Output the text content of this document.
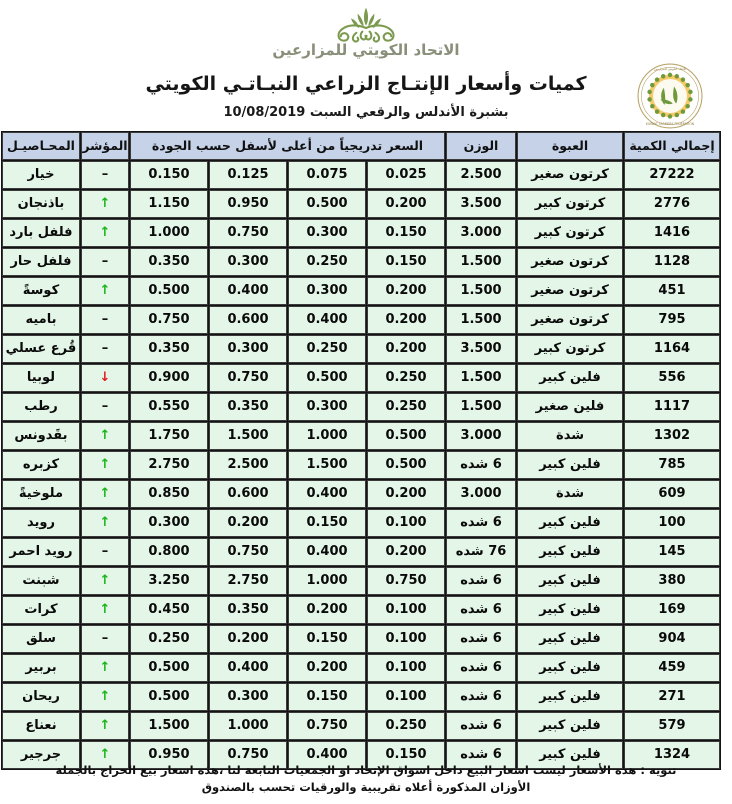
الاتحاد الكويتي للمزارعين
كميات وأسعار الإنتـاج الزراعي النبـاتـي الكويتي
بشبرة الأندلس والرقعي السبت 10/08/2019
الاتحاد الكويتي للمزارعين
KUWAIT FARMERS FEDERATION
إجمالي الكمية	العبوة	الوزن	السعر تدريجياً من أعلى لأسفل حسب الجودة				المؤشر	المحـاصيـل
27222	كرتون صغير	2.500	0.025	0.075	0.125	0.150	–	خيار
2776	كرتون كبير	3.500	0.200	0.500	0.950	1.150	↑	باذنجان
1416	كرتون كبير	3.000	0.150	0.300	0.750	1.000	↑	فلفل بارد
1128	كرتون صغير	1.500	0.150	0.250	0.300	0.350	–	فلفل حار
451	كرتون صغير	1.500	0.200	0.300	0.400	0.500	↑	كوسةً
795	كرتون صغير	1.500	0.200	0.400	0.600	0.750	–	باميه
1164	كرتون كبير	3.500	0.200	0.250	0.300	0.350	–	قُرع عسلي
556	فلين كبير	1.500	0.250	0.500	0.750	0.900	↓	لوبيا
1117	فلين صغير	1.500	0.250	0.300	0.350	0.550	–	رطب
1302	شدة	3.000	0.500	1.000	1.500	1.750	↑	بقَدونس
785	فلين كبير	6 شده	0.500	1.500	2.500	2.750	↑	كزبره
609	شدة	3.000	0.200	0.400	0.600	0.850	↑	ملوخيةً
100	فلين كبير	6 شده	0.100	0.150	0.200	0.300	↑	رويد
145	فلين كبير	76 شده	0.200	0.400	0.750	0.800	–	رويد احمر
380	فلين كبير	6 شده	0.750	1.000	2.750	3.250	↑	شبنت
169	فلين كبير	6 شده	0.100	0.200	0.350	0.450	↑	كرات
904	فلين كبير	6 شده	0.100	0.150	0.200	0.250	–	سلق
459	فلين كبير	6 شده	0.100	0.200	0.400	0.500	↑	بربير
271	فلين كبير	6 شده	0.100	0.150	0.300	0.500	↑	ريحان
579	فلين كبير	6 شده	0.250	0.750	1.000	1.500	↑	نعناع
1324	فلين كبير	6 شده	0.150	0.400	0.750	0.950	↑	جرجير
تنويه : هذه الأسعار ليست اسعار البيع داخل اسواق الإتحاد او الجمعيات التابعة لنا ،هذه اسعار بيع الحراج بالجملة
الأوزان المذكورة أعلاه تقريبية والورقيات تحسب بالصندوق
